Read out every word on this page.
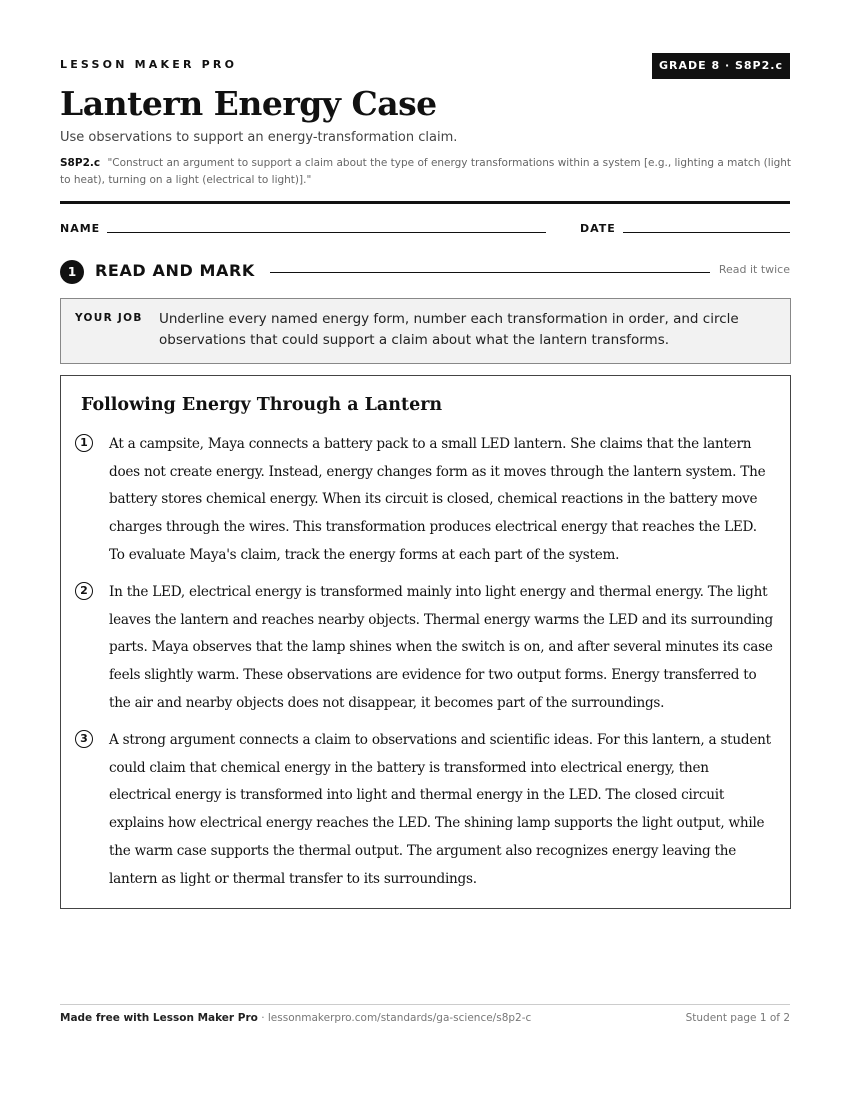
LESSON MAKER PRO	GRADE 8 · S8P2.c
Lantern Energy Case
Use observations to support an energy-transformation claim.
S8P2.c "Construct an argument to support a claim about the type of energy transformations within a system [e.g., lighting a match (light to heat), turning on a light (electrical to light)]."
NAME	DATE
1	READ AND MARK	Read it twice
YOUR JOB Underline every named energy form, number each transformation in order, and circle observations that could support a claim about what the lantern transforms.
Following Energy Through a Lantern
1	At a campsite, Maya connects a battery pack to a small LED lantern. She claims that the lantern does not create energy. Instead, energy changes form as it moves through the lantern system. The battery stores chemical energy. When its circuit is closed, chemical reactions in the battery move charges through the wires. This transformation produces electrical energy that reaches the LED. To evaluate Maya's claim, track the energy forms at each part of the system.

2	In the LED, electrical energy is transformed mainly into light energy and thermal energy. The light leaves the lantern and reaches nearby objects. Thermal energy warms the LED and its surrounding parts. Maya observes that the lamp shines when the switch is on, and after several minutes its case feels slightly warm. These observations are evidence for two output forms. Energy transferred to the air and nearby objects does not disappear, it becomes part of the surroundings.

3	A strong argument connects a claim to observations and scientific ideas. For this lantern, a student could claim that chemical energy in the battery is transformed into electrical energy, then electrical energy is transformed into light and thermal energy in the LED. The closed circuit explains how electrical energy reaches the LED. The shining lamp supports the light output, while the warm case supports the thermal output. The argument also recognizes energy leaving the lantern as light or thermal transfer to its surroundings.

Made free with Lesson Maker Pro · lessonmakerpro.com/standards/ga-science/s8p2-c	Student page 1 of 2
